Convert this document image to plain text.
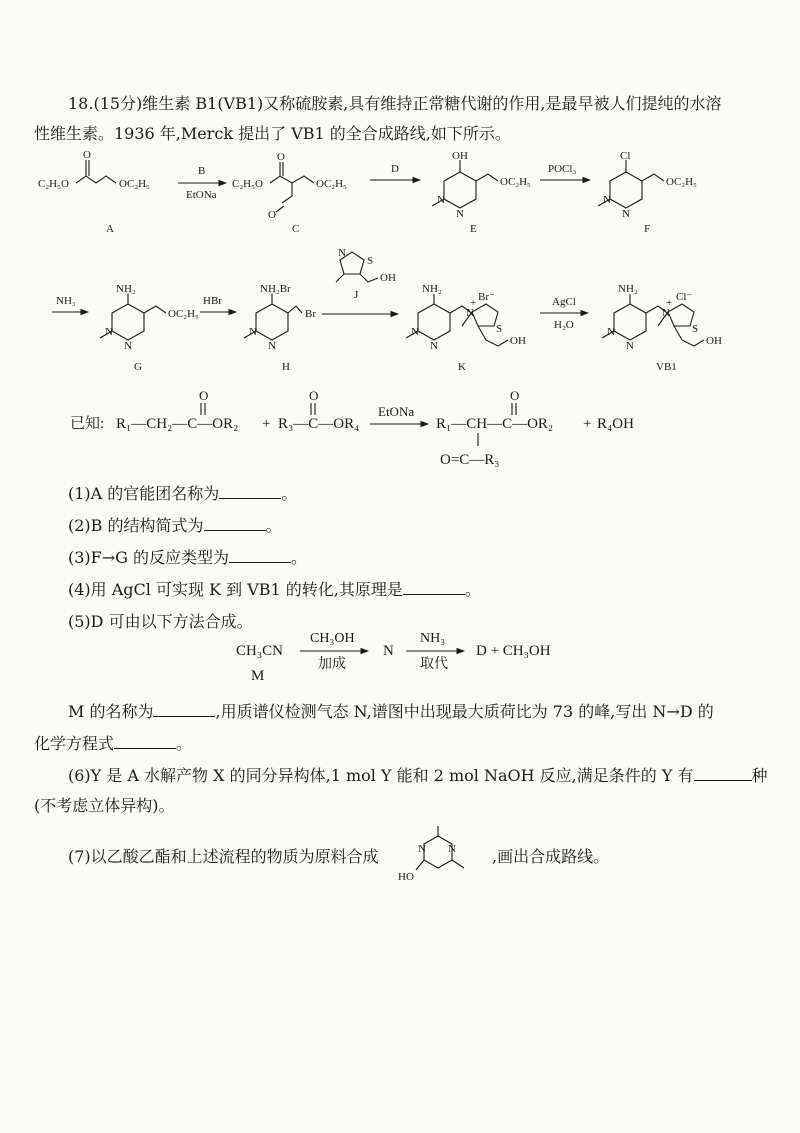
18.(15分)维生素 B1(VB1)又称硫胺素,具有维持正常糖代谢的作用,是最早被人们提纯的水溶
性维生素。1936 年,Merck 提出了 VB1 的全合成路线,如下所示。
C₂H₅O
O
OC₂H₅
A
B
EtONa
C₂H₅O
O
O
OC₂H₅
C
D
OH
OC₂H₅
N
N
E
POCl₃
Cl
OC₂H₅
N
N
F
NH₃
NH₂
OC₂H₅
N
N
G
HBr
NH₂Br
Br
N
N
H
S
N
OH
J	NH₂
N
N
N
+
S
Br⁻
OH
K
AgCl
H₂O
NH₂
N
N
N
+
S
Cl⁻
OH
VB1
已知: R₁—CH₂—C—OR₂
O
+ R₃—C—OR₄
O
EtONa
R₁—CH—C—OR₂
O
O=C—R₃
+ R₄OH
(1)A 的官能团名称为	。
(2)B 的结构简式为	。
(3)F→G 的反应类型为	。
(4)用 AgCl 可实现 K 到 VB1 的转化,其原理是	。
(5)D 可由以下方法合成。
CH₃CN
M
CH₃OH
加成
N
NH₃
取代
D + CH₃OH
M 的名称为	,用质谱仪检测气态 N,谱图中出现最大质荷比为 73 的峰,写出 N→D 的
化学方程式	。
(6)Y 是 A 水解产物 X 的同分异构体,1 mol Y 能和 2 mol NaOH 反应,满足条件的 Y 有	种
(不考虑立体异构)。
(7)以乙酸乙酯和上述流程的物质为原料合成	N N
HO
,画出合成路线。
